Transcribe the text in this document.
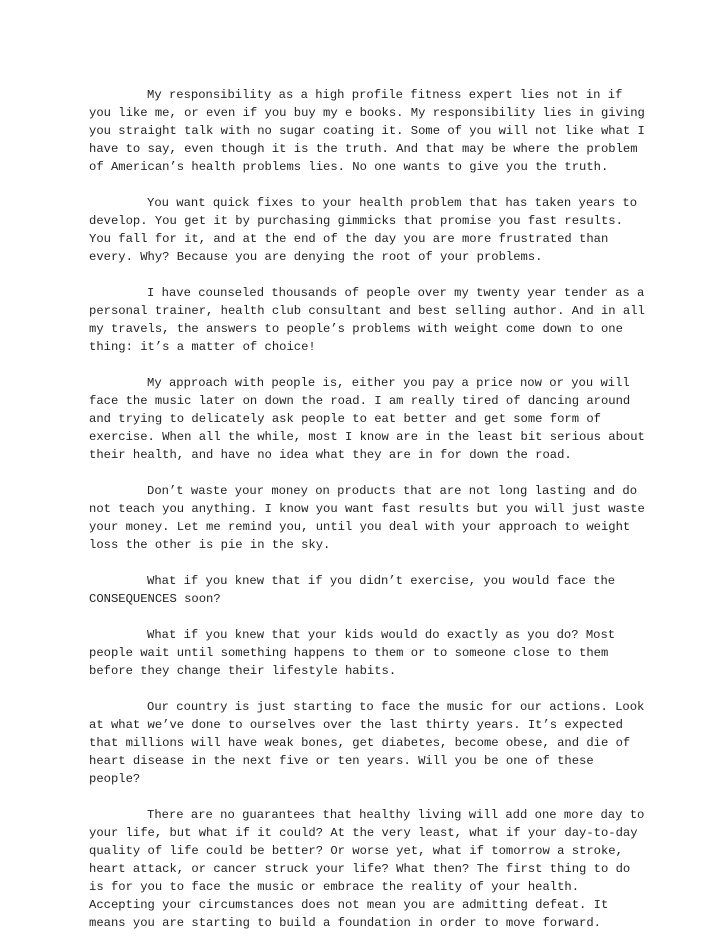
My responsibility as a high profile fitness expert lies not in if you like me, or even if you buy my e books. My responsibility lies in giving you straight talk with no sugar coating it. Some of you will not like what I have to say, even though it is the truth. And that may be where the problem of American’s health problems lies. No one wants to give you the truth.

You want quick fixes to your health problem that has taken years to develop. You get it by purchasing gimmicks that promise you fast results. You fall for it, and at the end of the day you are more frustrated than every. Why? Because you are denying the root of your problems.

I have counseled thousands of people over my twenty year tender as a personal trainer, health club consultant and best selling author. And in all my travels, the answers to people’s problems with weight come down to one thing: it’s a matter of choice!

My approach with people is, either you pay a price now or you will face the music later on down the road. I am really tired of dancing around and trying to delicately ask people to eat better and get some form of exercise. When all the while, most I know are in the least bit serious about their health, and have no idea what they are in for down the road.

Don’t waste your money on products that are not long lasting and do not teach you anything. I know you want fast results but you will just waste your money. Let me remind you, until you deal with your approach to weight loss the other is pie in the sky.

What if you knew that if you didn’t exercise, you would face the CONSEQUENCES soon?

What if you knew that your kids would do exactly as you do? Most people wait until something happens to them or to someone close to them before they change their lifestyle habits.

Our country is just starting to face the music for our actions. Look at what we’ve done to ourselves over the last thirty years. It’s expected that millions will have weak bones, get diabetes, become obese, and die of heart disease in the next five or ten years. Will you be one of these people?

There are no guarantees that healthy living will add one more day to your life, but what if it could? At the very least, what if your day-to-day quality of life could be better? Or worse yet, what if tomorrow a stroke, heart attack, or cancer struck your life? What then? The first thing to do is for you to face the music or embrace the reality of your health. Accepting your circumstances does not mean you are admitting defeat. It means you are starting to build a foundation in order to move forward.
